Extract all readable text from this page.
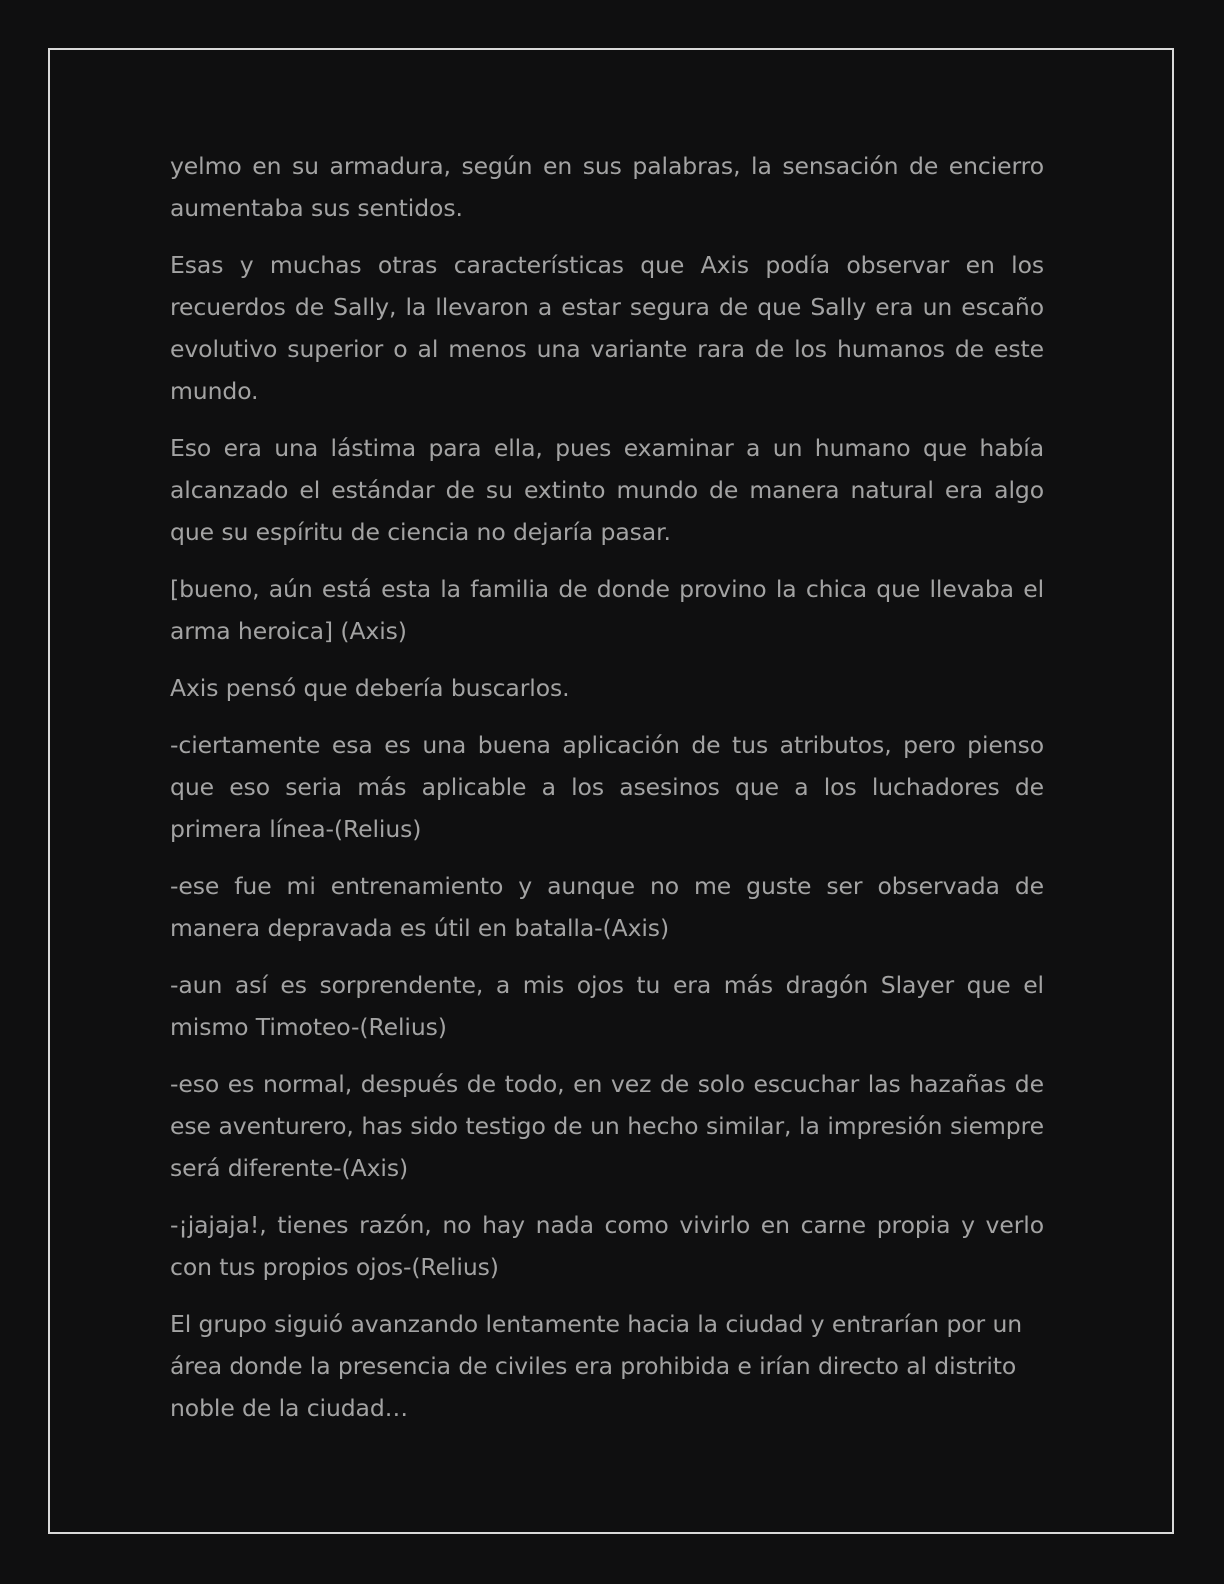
yelmo en su armadura, según en sus palabras, la sensación de encierro aumentaba sus sentidos.

Esas y muchas otras características que Axis podía observar en los recuerdos de Sally, la llevaron a estar segura de que Sally era un escaño evolutivo superior o al menos una variante rara de los humanos de este mundo.

Eso era una lástima para ella, pues examinar a un humano que había alcanzado el estándar de su extinto mundo de manera natural era algo que su espíritu de ciencia no dejaría pasar.

[bueno, aún está esta la familia de donde provino la chica que llevaba el arma heroica] (Axis)

Axis pensó que debería buscarlos.

-ciertamente esa es una buena aplicación de tus atributos, pero pienso que eso seria más aplicable a los asesinos que a los luchadores de primera línea-(Relius)

-ese fue mi entrenamiento y aunque no me guste ser observada de manera depravada es útil en batalla-(Axis)

-aun así es sorprendente, a mis ojos tu era más dragón Slayer que el mismo Timoteo-(Relius)

-eso es normal, después de todo, en vez de solo escuchar las hazañas de ese aventurero, has sido testigo de un hecho similar, la impresión siempre será diferente-(Axis)

-¡jajaja!, tienes razón, no hay nada como vivirlo en carne propia y verlo con tus propios ojos-(Relius)

El grupo siguió avanzando lentamente hacia la ciudad y entrarían por un área donde la presencia de civiles era prohibida e irían directo al distrito noble de la ciudad…
